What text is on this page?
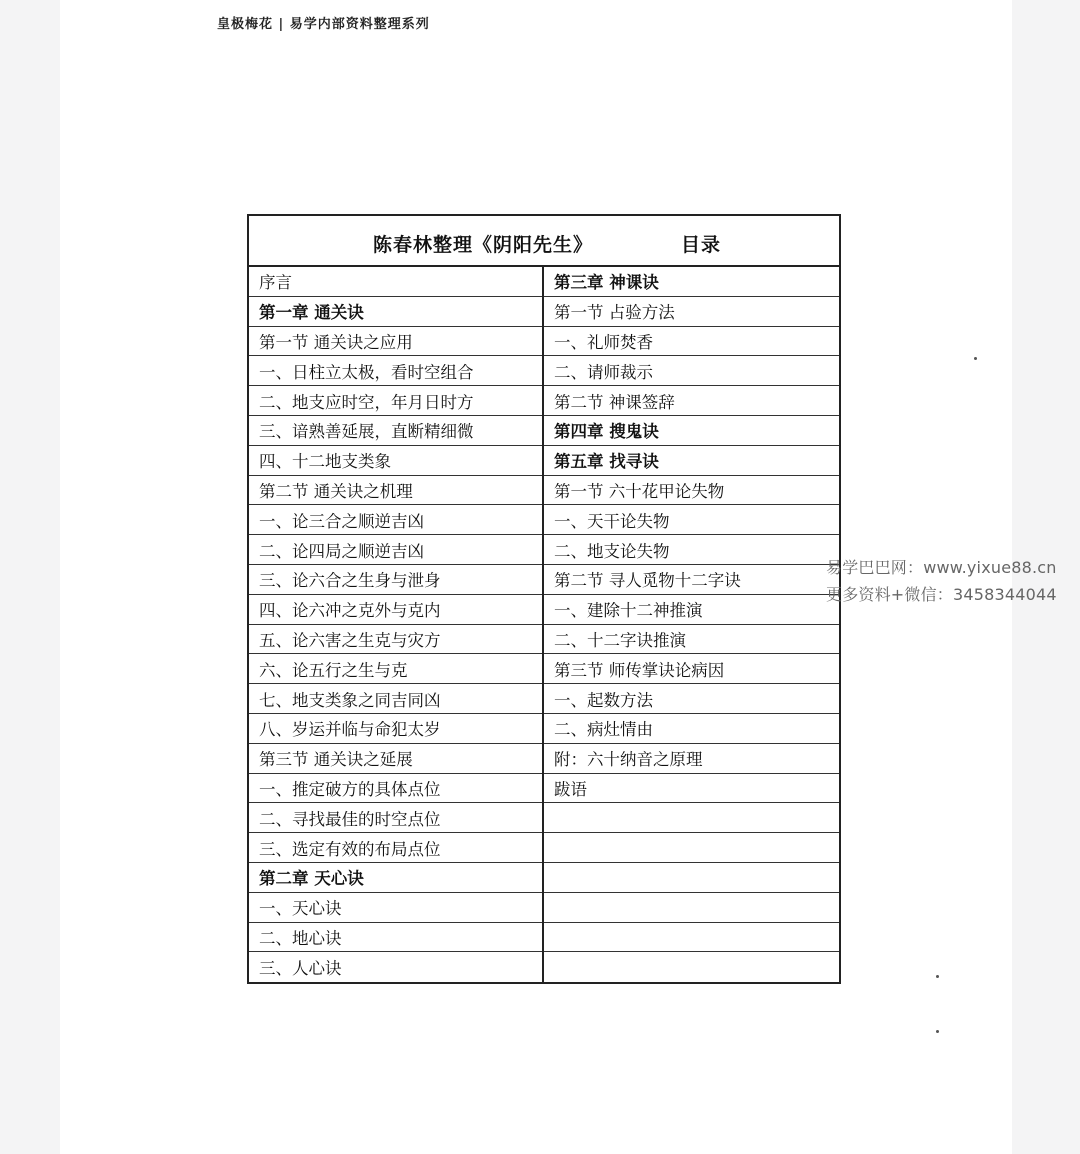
皇极梅花 | 易学内部资料整理系列
陈春林整理《阴阳先生》	目录
序言
第一章 通关诀
第一节 通关诀之应用
一、日柱立太极，看时空组合
二、地支应时空，年月日时方
三、谙熟善延展，直断精细微
四、十二地支类象
第二节 通关诀之机理
一、论三合之顺逆吉凶
二、论四局之顺逆吉凶
三、论六合之生身与泄身
四、论六冲之克外与克内
五、论六害之生克与灾方
六、论五行之生与克
七、地支类象之同吉同凶
八、岁运并临与命犯太岁
第三节 通关诀之延展
一、推定破方的具体点位
二、寻找最佳的时空点位
三、选定有效的布局点位
第二章 天心诀
一、天心诀
二、地心诀
三、人心诀
第三章 神课诀
第一节 占验方法
一、礼师焚香
二、请师裁示
第二节 神课签辞
第四章 搜鬼诀
第五章 找寻诀
第一节 六十花甲论失物
一、天干论失物
二、地支论失物
第二节 寻人觅物十二字诀
一、建除十二神推演
二、十二字诀推演
第三节 师传掌诀论病因
一、起数方法
二、病灶情由
附：六十纳音之原理
跋语
易学巴巴网：www.yixue88.cn
更多资料+微信：3458344044
